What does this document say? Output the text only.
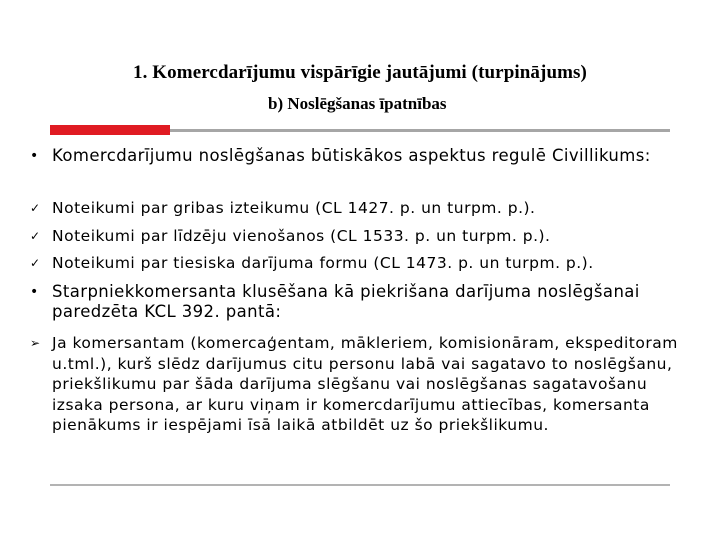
1. Komercdarījumu vispārīgie jautājumi (turpinājums)
b) Noslēgšanas īpatnības
• Komercdarījumu noslēgšanas būtiskākos aspektus regulē Civillikums:
✓ Noteikumi par gribas izteikumu (CL 1427. p. un turpm. p.).
✓ Noteikumi par līdzēju vienošanos (CL 1533. p. un turpm. p.).
✓ Noteikumi par tiesiska darījuma formu (CL 1473. p. un turpm. p.).
• Starpniekkomersanta klusēšana kā piekrišana darījuma noslēgšanai paredzēta KCL 392. pantā:
➢ Ja komersantam (komercaģentam, mākleriem, komisionāram, ekspeditoram u.tml.), kurš slēdz darījumus citu personu labā vai sagatavo to noslēgšanu, priekšlikumu par šāda darījuma slēgšanu vai noslēgšanas sagatavošanu izsaka persona, ar kuru viņam ir komercdarījumu attiecības, komersanta pienākums ir iespējami īsā laikā atbildēt uz šo priekšlikumu.
